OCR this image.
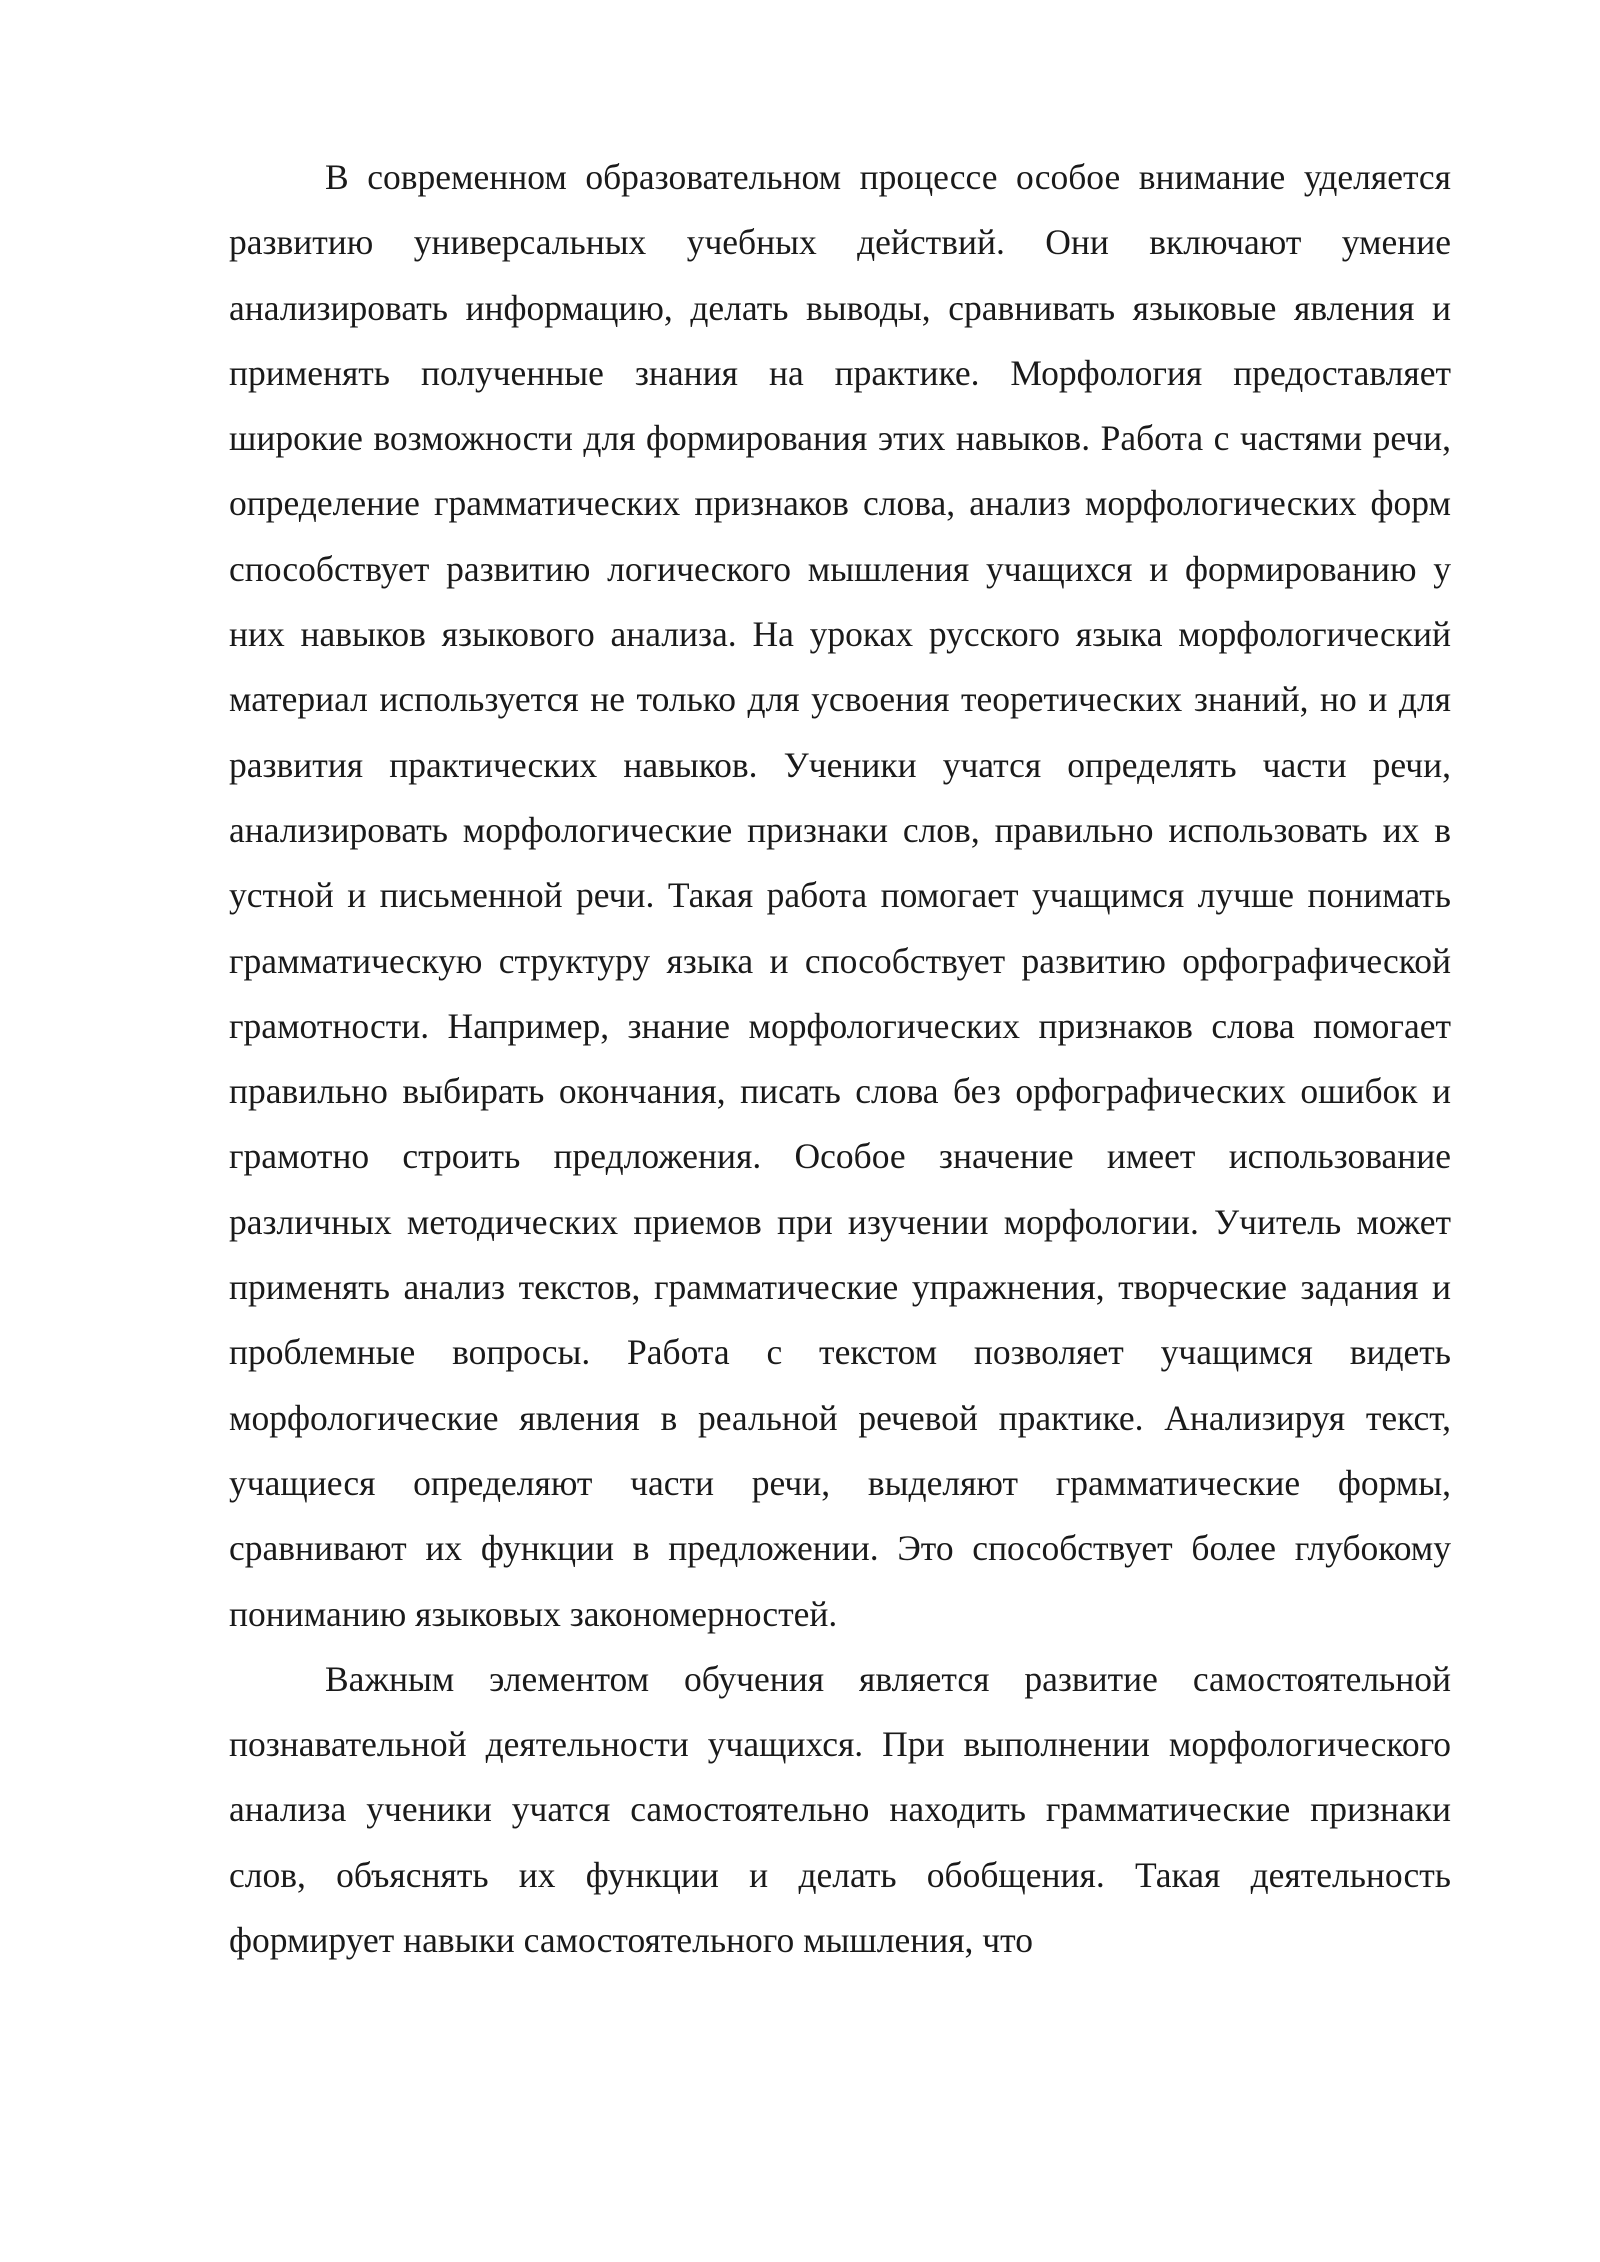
В современном образовательном процессе особое внимание уделяется развитию универсальных учебных действий. Они включают умение анализировать информацию, делать выводы, сравнивать языковые явления и применять полученные знания на практике. Морфология предоставляет широкие возможности для формирования этих навыков. Работа с частями речи, определение грамматических признаков слова, анализ морфологических форм способствует развитию логического мышления учащихся и формированию у них навыков языкового анализа. На уроках русского языка морфологический материал используется не только для усвоения теоретических знаний, но и для развития практических навыков. Ученики учатся определять части речи, анализировать морфологические признаки слов, правильно использовать их в устной и письменной речи. Такая работа помогает учащимся лучше понимать грамматическую структуру языка и способствует развитию орфографической грамотности. Например, знание морфологических признаков слова помогает правильно выбирать окончания, писать слова без орфографических ошибок и грамотно строить предложения. Особое значение имеет использование различных методических приемов при изучении морфологии. Учитель может применять анализ текстов, грамматические упражнения, творческие задания и проблемные вопросы. Работа с текстом позволяет учащимся видеть морфологические явления в реальной речевой практике. Анализируя текст, учащиеся определяют части речи, выделяют грамматические формы, сравнивают их функции в предложении. Это способствует более глубокому пониманию языковых закономерностей.

Важным элементом обучения является развитие самостоятельной познавательной деятельности учащихся. При выполнении морфологического анализа ученики учатся самостоятельно находить грамматические признаки слов, объяснять их функции и делать обобщения. Такая деятельность формирует навыки самостоятельного мышления, что
